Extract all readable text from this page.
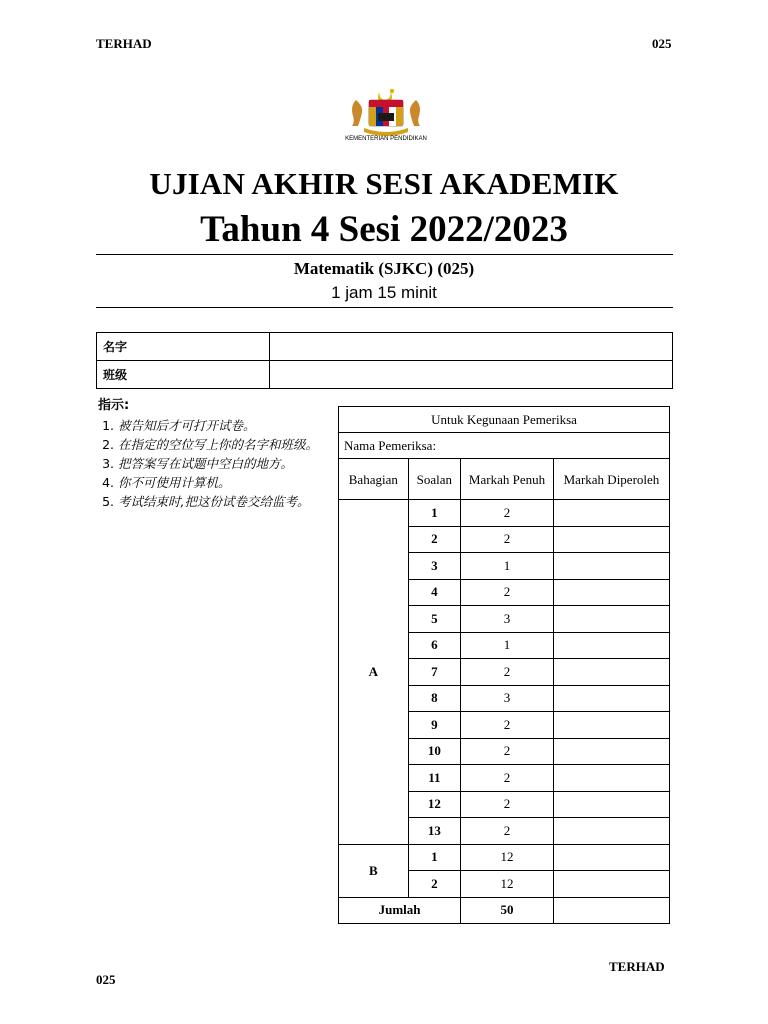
TERHAD	025
KEMENTERIAN PENDIDIKAN
UJIAN AKHIR SESI AKADEMIK
Tahun 4 Sesi 2022/2023
Matematik (SJKC) (025)
1 jam 15 minit
名字	
班级	
指示:
1. 被告知后才可打开试卷。
2. 在指定的空位写上你的名字和班级。
3. 把答案写在试题中空白的地方。
4. 你不可使用计算机。
5. 考试结束时,把这份试卷交给监考。
Untuk Kegunaan Pemeriksa			
Nama Pemeriksa:			
Bahagian	Soalan	Markah Penuh	Markah Diperoleh
A	1	2	
	2	2	
	3	1	
	4	2	
	5	3	
	6	1	
	7	2	
	8	3	
	9	2	
	10	2	
	11	2	
	12	2	
	13	2	
B	1	12	
	2	12	
Jumlah		50	
025
TERHAD
